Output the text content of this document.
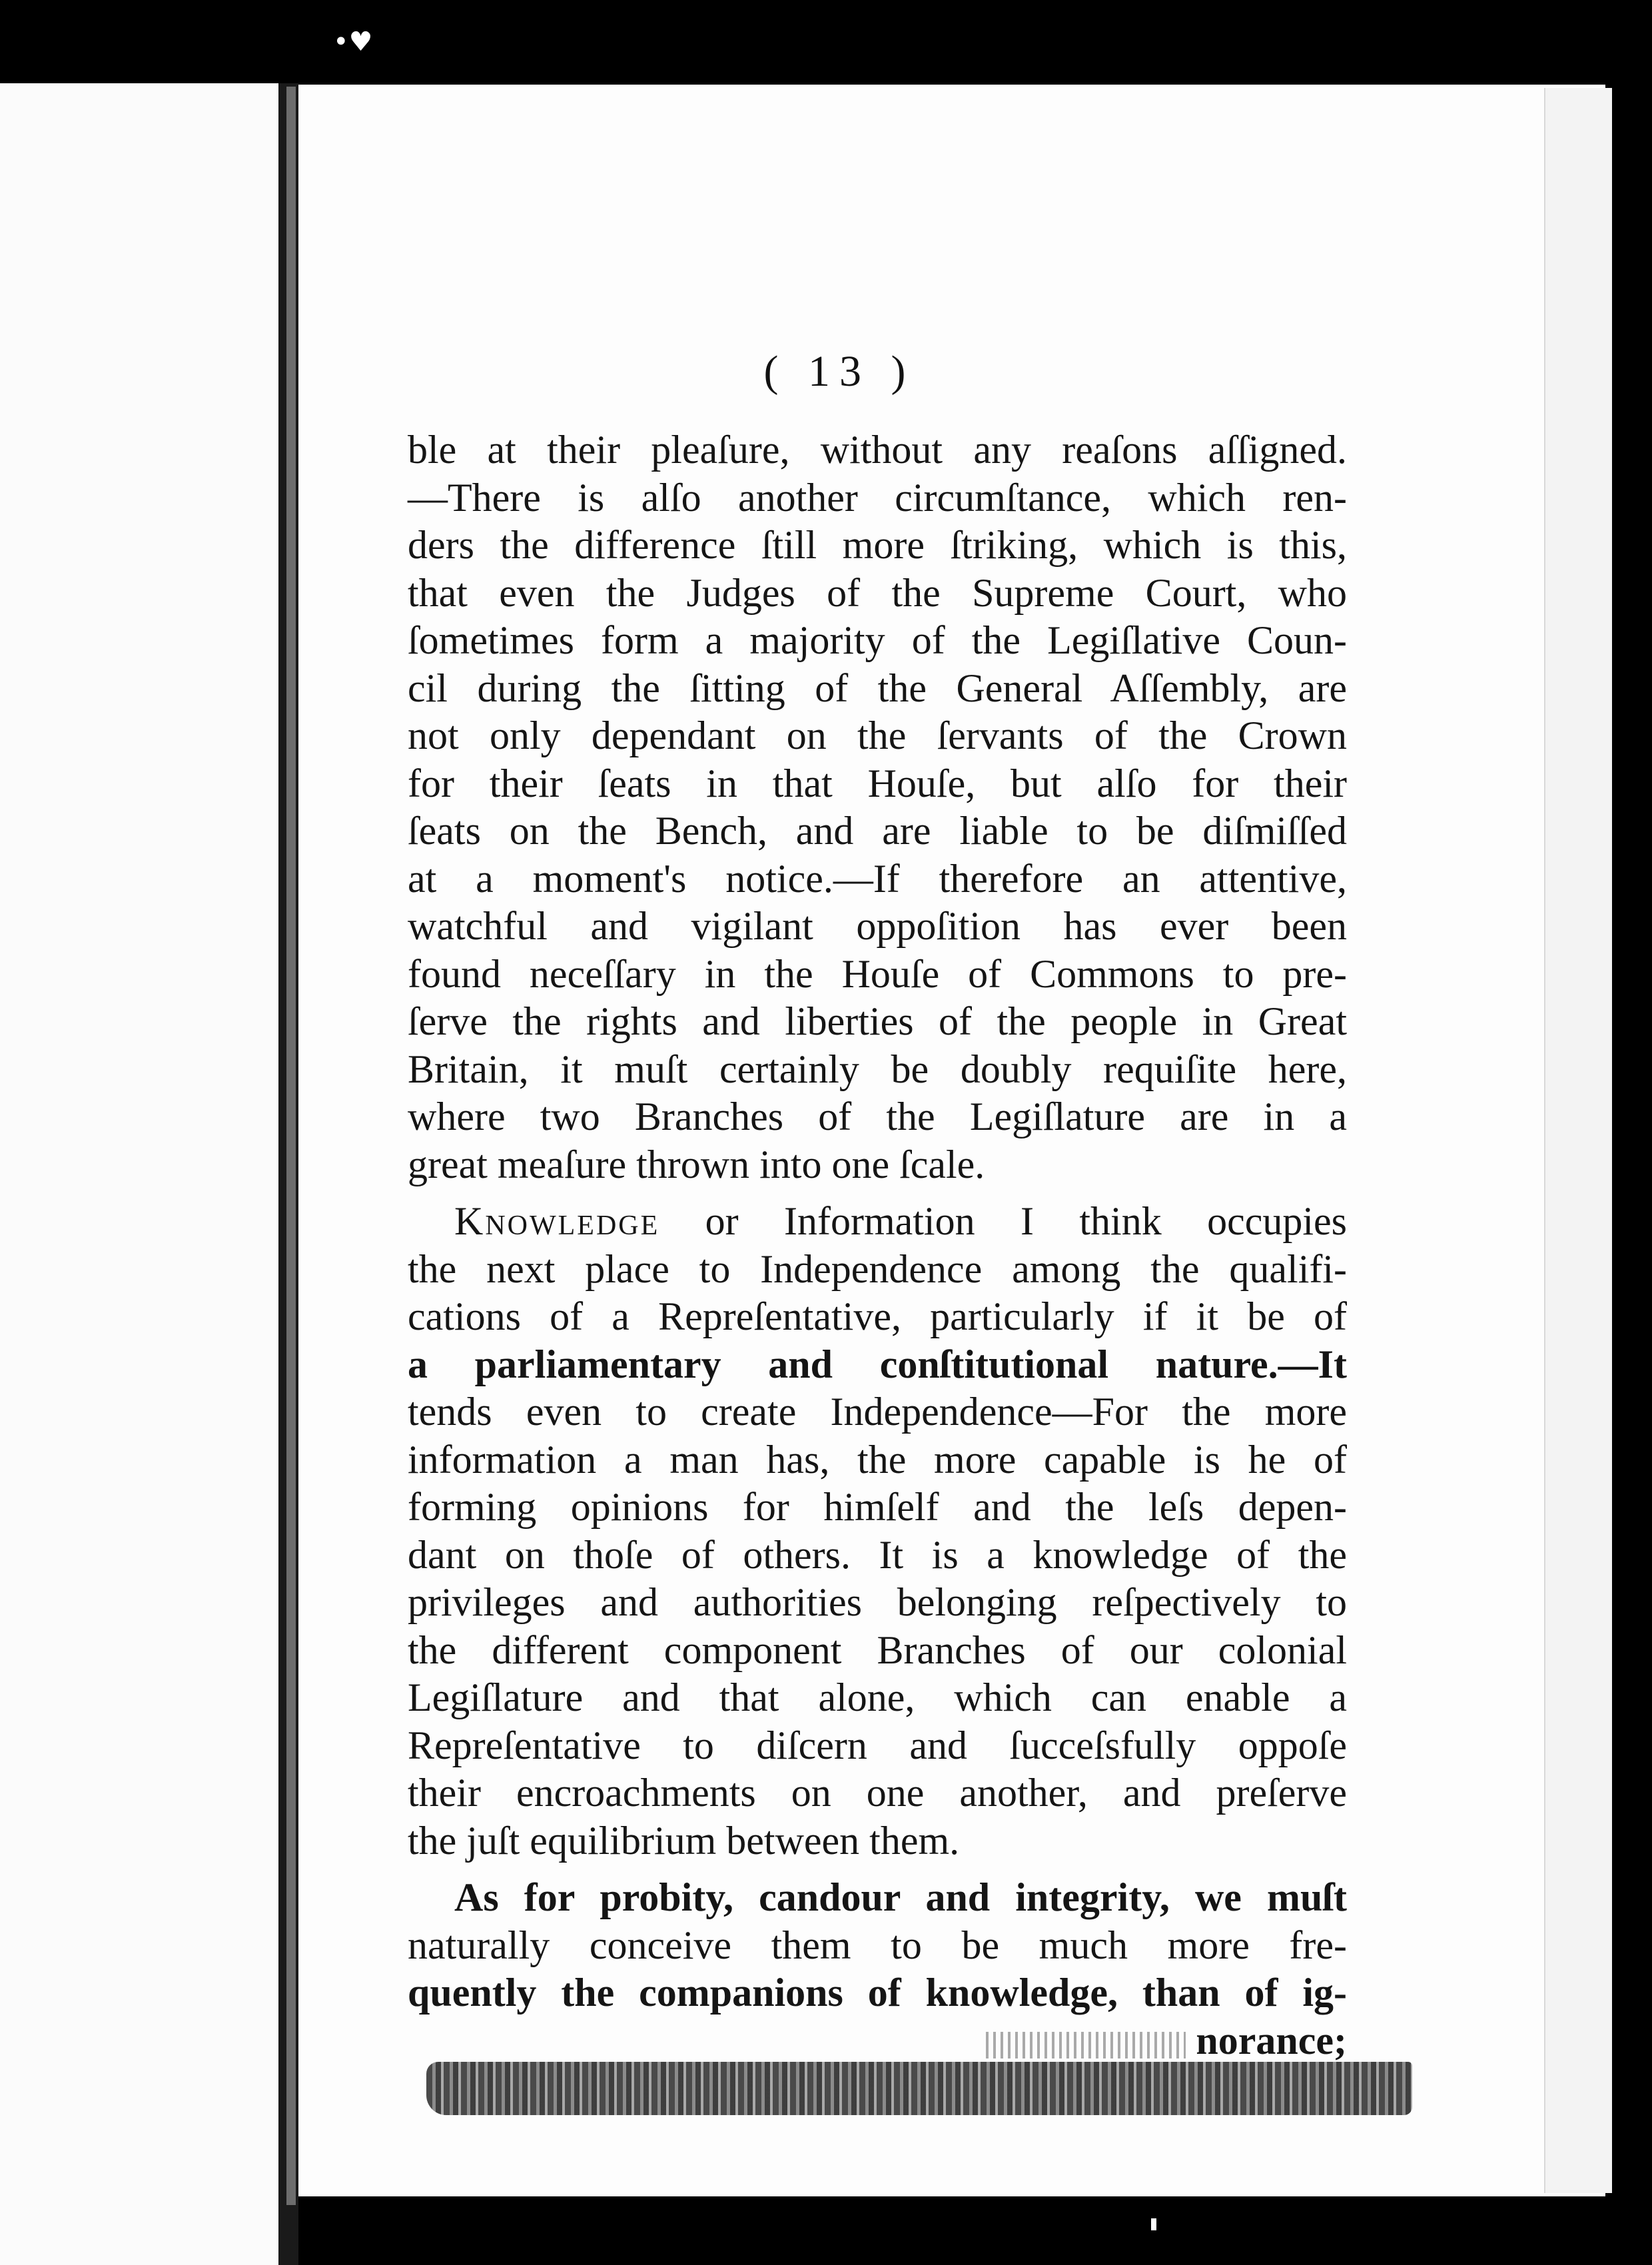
•♥
( 13 )
ble at their pleaſure, without any reaſons aſſigned.
—There is alſo another circumſtance, which ren-
ders the difference ſtill more ſtriking, which is this,
that even the Judges of the Supreme Court, who
ſometimes form a majority of the Legiſlative Coun-
cil during the ſitting of the General Aſſembly, are
not only dependant on the ſervants of the Crown
for their ſeats in that Houſe, but alſo for their
ſeats on the Bench, and are liable to be diſmiſſed
at a moment's notice.—If therefore an attentive,
watchful and vigilant oppoſition has ever been
found neceſſary in the Houſe of Commons to pre-
ſerve the rights and liberties of the people in Great
Britain, it muſt certainly be doubly requiſite here,
where two Branches of the Legiſlature are in a
great meaſure thrown into one ſcale.
Knowledge or Information I think occupies
the next place to Independence among the qualifi-
cations of a Repreſentative, particularly if it be of
a parliamentary and conſtitutional nature.—It
tends even to create Independence—For the more
information a man has, the more capable is he of
forming opinions for himſelf and the leſs depen-
dant on thoſe of others. It is a knowledge of the
privileges and authorities belonging reſpectively to
the different component Branches of our colonial
Legiſlature and that alone, which can enable a
Repreſentative to diſcern and ſucceſsfully oppoſe
their encroachments on one another, and preſerve
the juſt equilibrium between them.
As for probity, candour and integrity, we muſt
naturally conceive them to be much more fre-
quently the companions of knowledge, than of ig-
norance;
